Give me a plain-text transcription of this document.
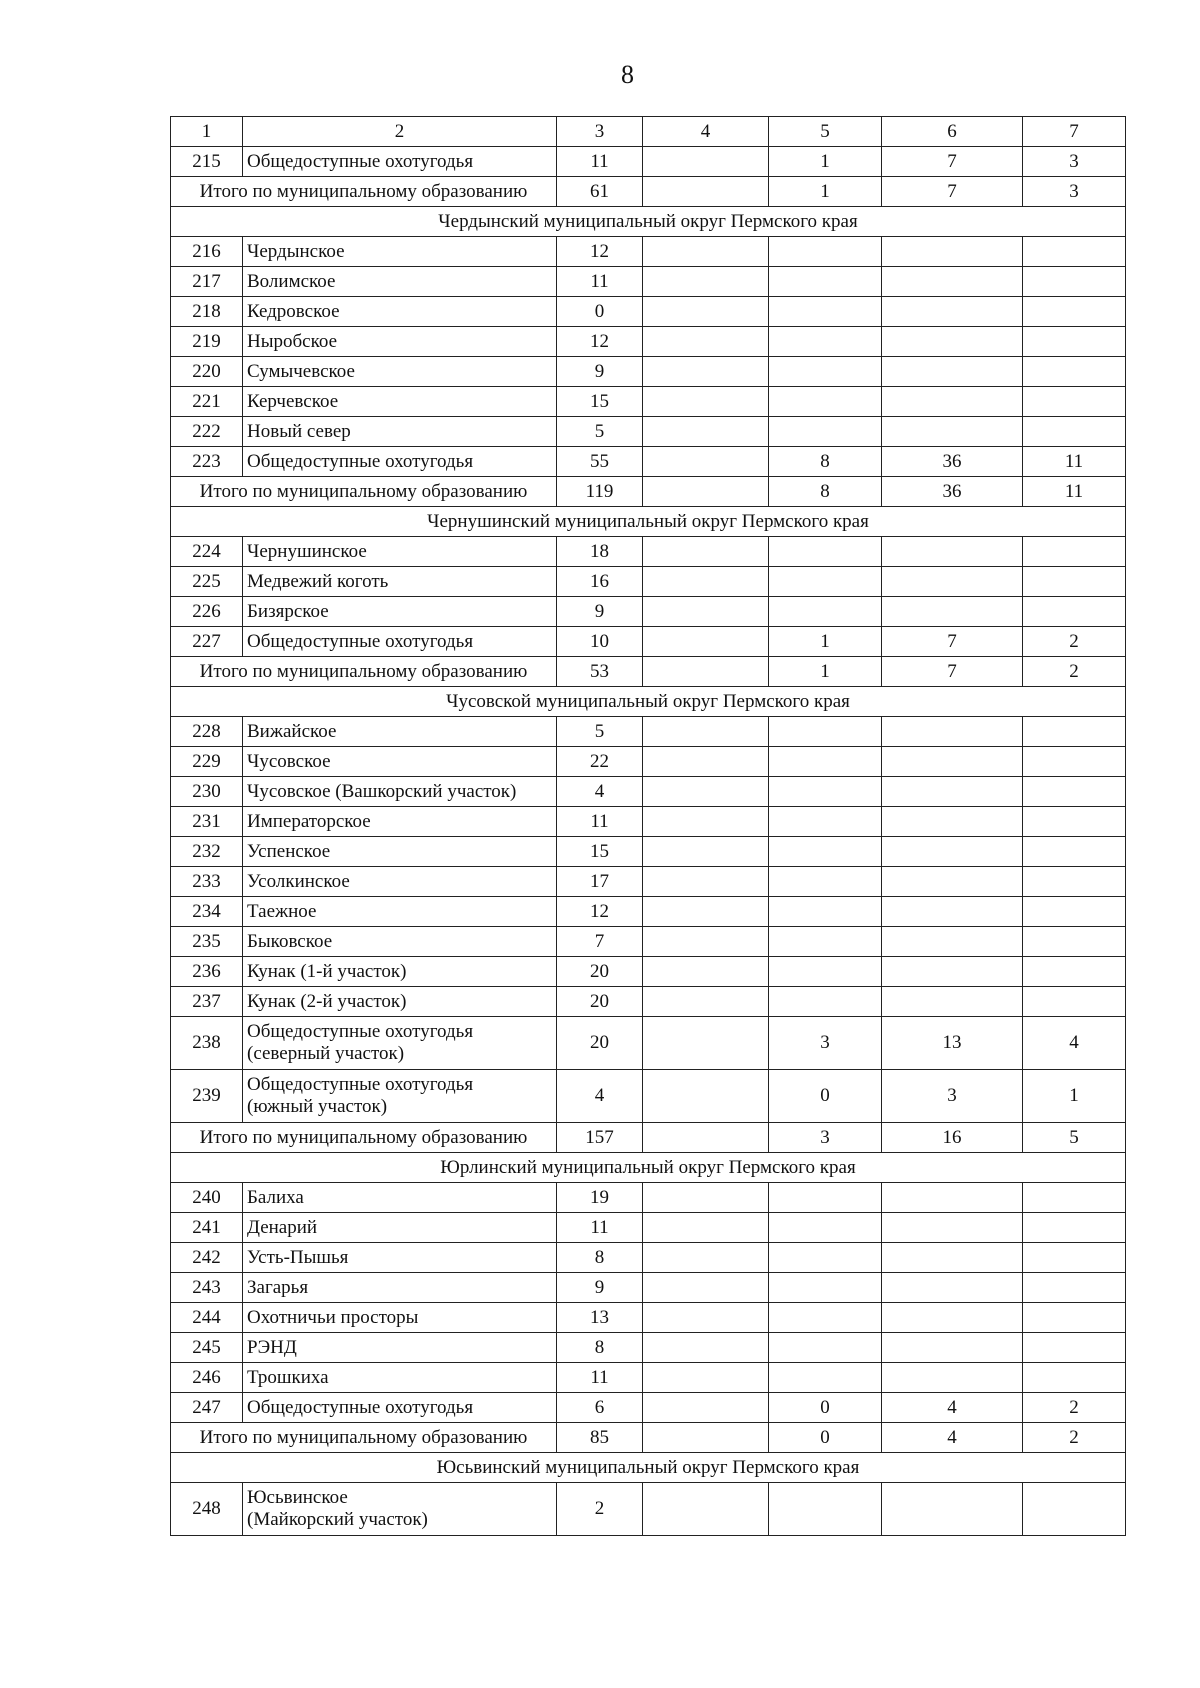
8
1	2	3	4	5	6	7
215	Общедоступные охотугодья	11		1	7	3
Итого по муниципальному образованию		61		1	7	3
Чердынский муниципальный округ Пермского края						
216	Чердынское	12				
217	Волимское	11				
218	Кедровское	0				
219	Ныробское	12				
220	Сумычевское	9				
221	Керчевское	15				
222	Новый север	5				
223	Общедоступные охотугодья	55		8	36	11
Итого по муниципальному образованию		119		8	36	11
Чернушинский муниципальный округ Пермского края						
224	Чернушинское	18				
225	Медвежий коготь	16				
226	Бизярское	9				
227	Общедоступные охотугодья	10		1	7	2
Итого по муниципальному образованию		53		1	7	2
Чусовской муниципальный округ Пермского края						
228	Вижайское	5				
229	Чусовское	22				
230	Чусовское (Вашкорский участок)	4				
231	Императорское	11				
232	Успенское	15				
233	Усолкинское	17				
234	Таежное	12				
235	Быковское	7				
236	Кунак (1-й участок)	20				
237	Кунак (2-й участок)	20				
238	Общедоступные охотугодья
(северный участок)	20		3	13	4
239	Общедоступные охотугодья
(южный участок)	4		0	3	1
Итого по муниципальному образованию		157		3	16	5
Юрлинский муниципальный округ Пермского края						
240	Балиха	19				
241	Денарий	11				
242	Усть-Пышья	8				
243	Загарья	9				
244	Охотничьи просторы	13				
245	РЭНД	8				
246	Трошкиха	11				
247	Общедоступные охотугодья	6		0	4	2
Итого по муниципальному образованию		85		0	4	2
Юсьвинский муниципальный округ Пермского края						
248	Юсьвинское
(Майкорский участок)	2				
